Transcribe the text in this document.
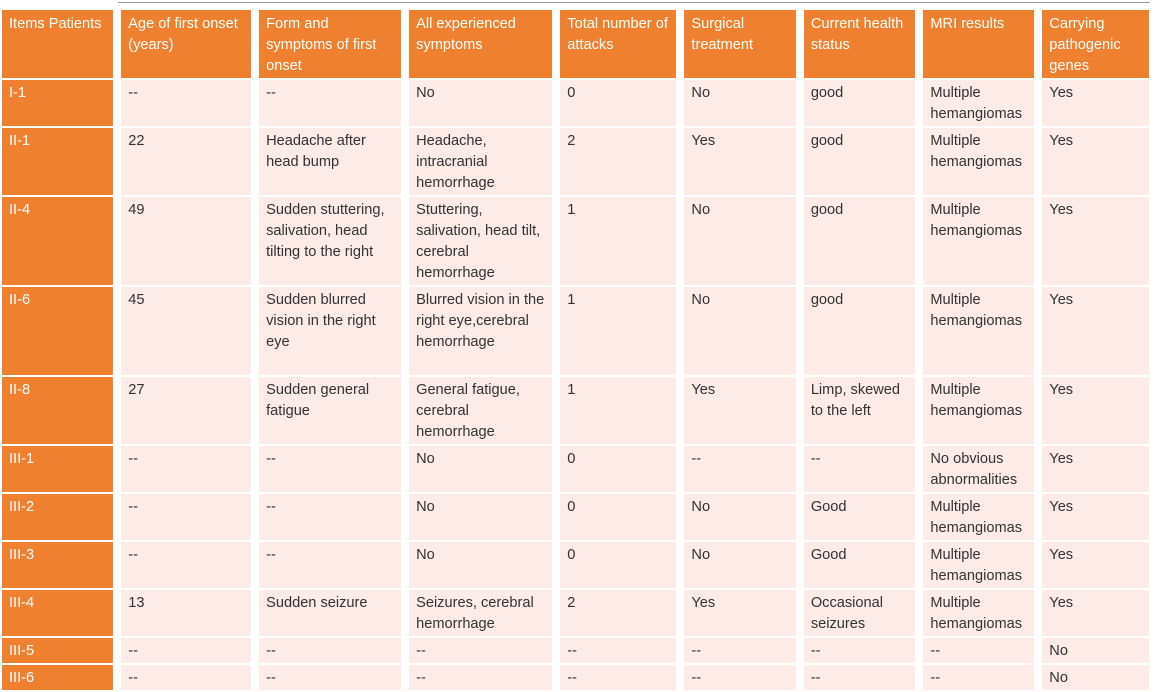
Items Patients	Age of first onset (years)	Form and symptoms of first onset	All experienced symptoms	Total number of attacks	Surgical treatment	Current health status	MRI results	Carrying pathogenic genes
I-1	--	--	No	0	No	good	Multiple hemangiomas	Yes
II-1	22	Headache after head bump	Headache, intracranial hemorrhage	2	Yes	good	Multiple hemangiomas	Yes
II-4	49	Sudden stuttering, salivation, head tilting to the right	Stuttering, salivation, head tilt, cerebral hemorrhage	1	No	good	Multiple hemangiomas	Yes
II-6	45	Sudden blurred vision in the right eye	Blurred vision in the right eye,cerebral hemorrhage	1	No	good	Multiple hemangiomas	Yes
II-8	27	Sudden general fatigue	General fatigue, cerebral hemorrhage	1	Yes	Limp, skewed to the left	Multiple hemangiomas	Yes
III-1	--	--	No	0	--	--	No obvious abnormalities	Yes
III-2	--	--	No	0	No	Good	Multiple hemangiomas	Yes
III-3	--	--	No	0	No	Good	Multiple hemangiomas	Yes
III-4	13	Sudden seizure	Seizures, cerebral hemorrhage	2	Yes	Occasional seizures	Multiple hemangiomas	Yes
III-5	--	--	--	--	--	--	--	No
III-6	--	--	--	--	--	--	--	No
